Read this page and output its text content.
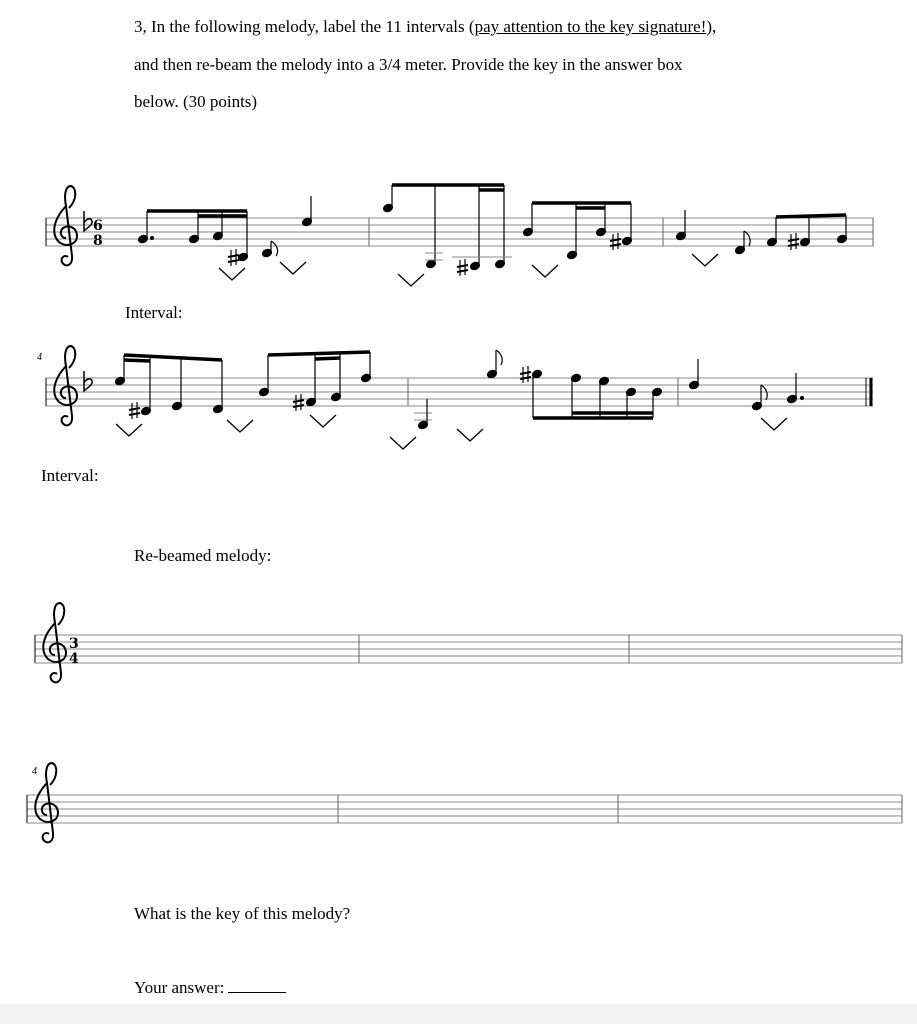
3, In the following melody, label the 11 intervals (pay attention to the key signature!),
and then re-beam the melody into a 3/4 meter. Provide the key in the answer box
below. (30 points)
Interval:
Interval:
Re-beamed melody:
What is the key of this melody?
Your answer:
6
8
4
3
4
4
